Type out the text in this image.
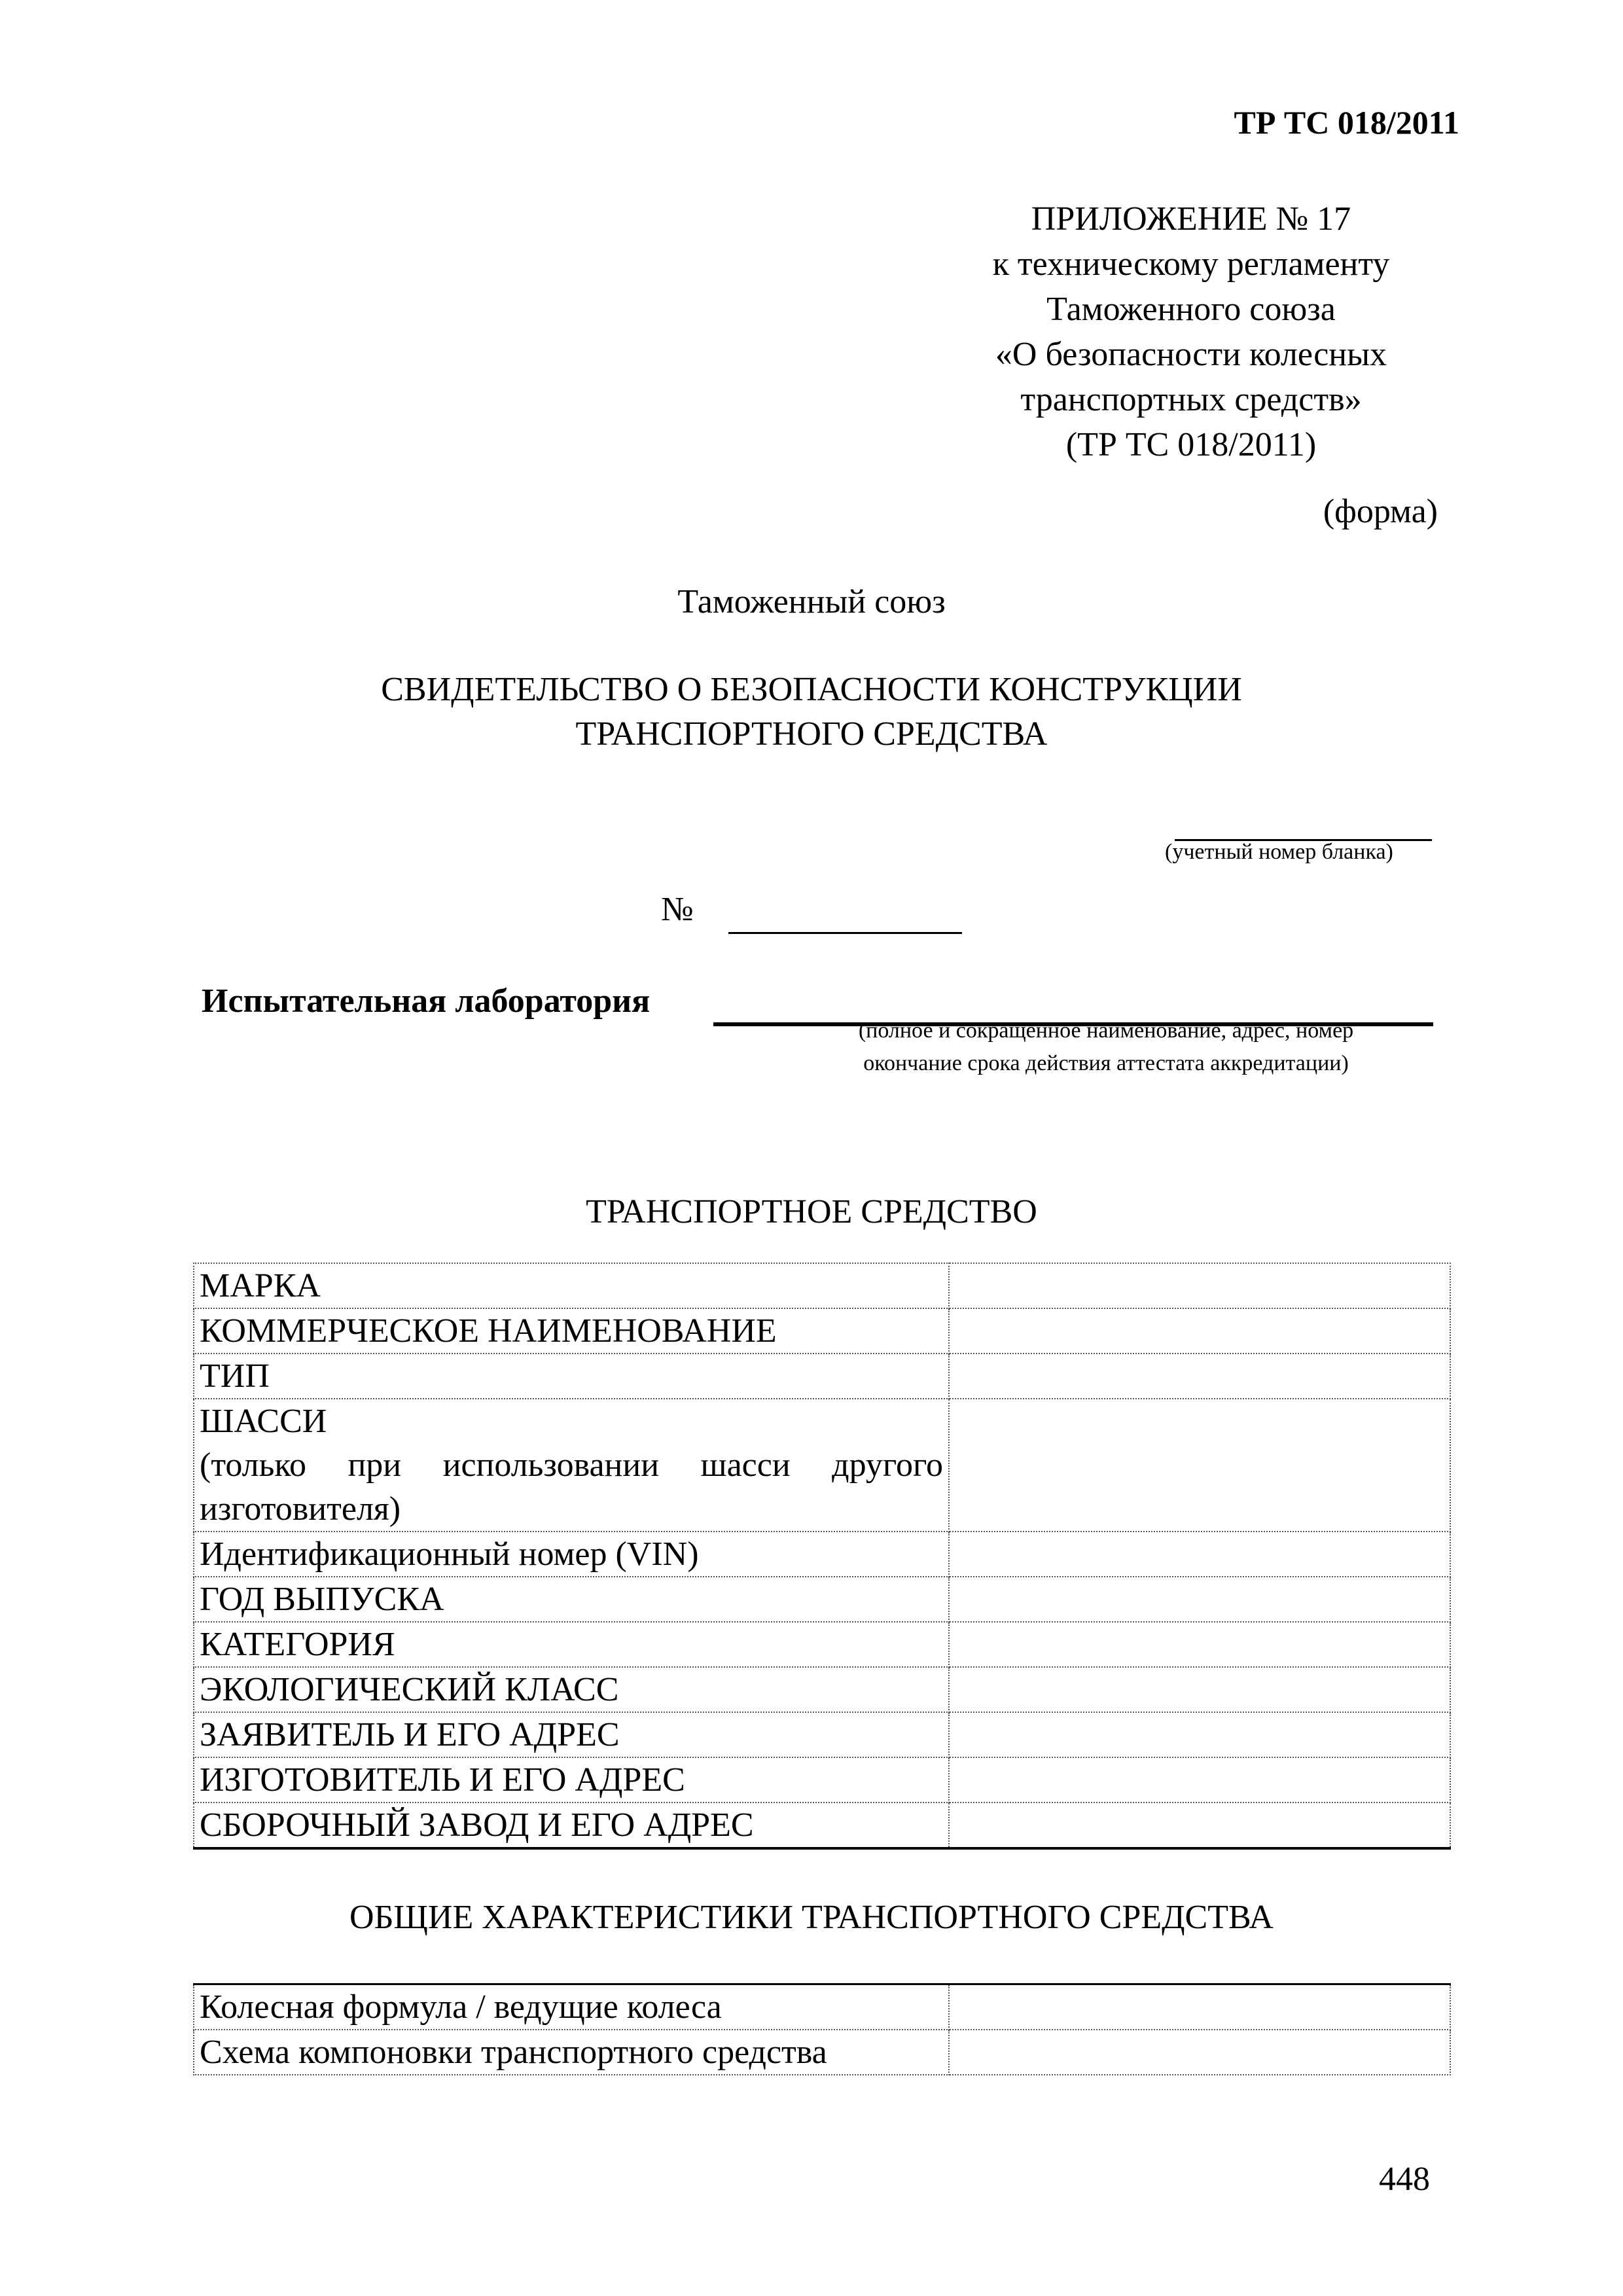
ТР ТС 018/2011
ПРИЛОЖЕНИЕ № 17
к техническому регламенту
Таможенного союза
«О безопасности колесных
транспортных средств»
(ТР ТС 018/2011)
(форма)
Таможенный союз
СВИДЕТЕЛЬСТВО О БЕЗОПАСНОСТИ КОНСТРУКЦИИ
ТРАНСПОРТНОГО СРЕДСТВА
(учетный номер бланка)
№
Испытательная лаборатория
(полное и сокращенное наименование, адрес, номер
окончание срока действия аттестата аккредитации)
ТРАНСПОРТНОЕ СРЕДСТВО
МАРКА	
КОММЕРЧЕСКОЕ НАИМЕНОВАНИЕ	
ТИП	

ШАССИ
(только при использовании шасси другого изготовителя)	

Идентификационный номер (VIN)	
ГОД ВЫПУСКА	
КАТЕГОРИЯ	
ЭКОЛОГИЧЕСКИЙ КЛАСС	
ЗАЯВИТЕЛЬ И ЕГО АДРЕС	
ИЗГОТОВИТЕЛЬ И ЕГО АДРЕС	
СБОРОЧНЫЙ ЗАВОД И ЕГО АДРЕС	
ОБЩИЕ ХАРАКТЕРИСТИКИ ТРАНСПОРТНОГО СРЕДСТВА
Колесная формула / ведущие колеса	
Схема компоновки транспортного средства	
448
